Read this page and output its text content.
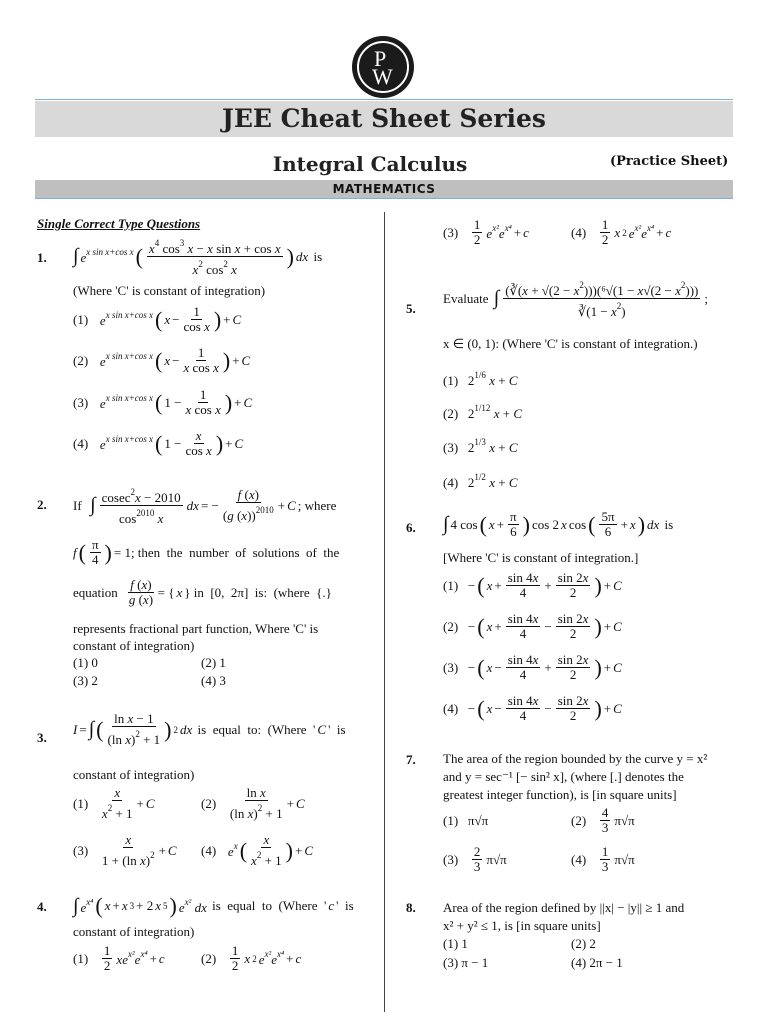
P
W
JEE Cheat Sheet Series
Integral Calculus	(Practice Sheet)
MATHEMATICS
Single Correct Type Questions
1. ∫ $e^{x sin x+cos x}$ ( $\frac{x^4 \cos^3 x - x \sin x + \cos x}{x^2 \cos^2 x}$ ) dx is
(Where 'C' is constant of integration)
(1) $e^{x sin x+cos x}$ ( $x - \frac{1}{\text{cos x}}$ ) + C
(2) $e^{x sin x+cos x}$ ( $x - \frac{1}{\text{x cos x}}$ ) + C
(3) $e^{x sin x+cos x}$ ( $1 - \frac{1}{\text{x cos x}}$ ) + C
(4) $e^{x sin x+cos x}$ ( $1 - \frac{x}{\text{cos x}}$ ) + C
2. If ∫ $\frac{cosec^2x - 2010}{\cos^{2010} x}$ dx = − $\frac{f (x)}{(g (x))^{2010}} + C$ ; where
f ( $\frac{\pi}{4}$ ) = 1; then  the  number  of  solutions  of  the
equation $\frac{f (x)}{g (x)}$ = { x } in  [0,  2π]  is:  (where  {.}
represents fractional part function, Where 'C' is
constant of integration)
(1) 0	(2) 1
(3) 2	(4) 3
3.
I = ∫ ( $\frac{\text{ln x − 1}}{(\ln x)^2 + 1}$ ) 2 dx is  equal  to:  (Where  ' C '  is
constant of integration)
$(1) \frac{x}{x^2 + 1} + C$	$(2) \frac{\text{ln x}}{(\ln x)^2 + 1} + C$
$(3) \frac{x}{1 + (\ln x)^2} + C$ (4) $e^x$ ( $\frac{x}{x^2 + 1}$ ) + C
4. ∫ $e^{x^4}$ ( x + x 3 + 2 x 5 ) $e^{x^2}$ dx is  equal  to  (Where  ' c '  is
constant of integration)
$(1) \frac{1}{2} xe^{x^2}e^{x^4} + c$	$(2) \frac{1}{2}$ x 2 $e^{x^2}e^{x^4} + c$
$(3) \frac{1}{2} e^{x^2}e^{x^4} + c$	$(4) \frac{1}{2}$ x 2 $e^{x^2}e^{x^4} + c$
5.
Evaluate ∫ $\frac{(∛(x + √(2 - x^2)))(^6√(1 - x√(2 - x^2)))}{∛(1 - x^2)}$ ;
x ∈ (0, 1): (Where 'C' is constant of integration.)
(1)   $2^{1/6}$ x + C
(2)   $2^{1/12}$ x + C
(3)   $2^{1/3}$ x + C
(4)   $2^{1/2}$ x + C
6. ∫ 4 cos ( $x + \frac{\pi}{6}$ ) cos 2 x cos ( $\frac{5\pi}{6} + x$ ) dx is
[Where 'C' is constant of integration.]
(1)   − ( $x + \frac{\sin 4x}{4} + \frac{\sin 2x}{2}$ ) + C
(2)   − ( $x + \frac{\sin 4x}{4} - \frac{\sin 2x}{2}$ ) + C
(3)   − ( $x - \frac{\sin 4x}{4} + \frac{\sin 2x}{2}$ ) + C
(4)   − ( $x - \frac{\sin 4x}{4} - \frac{\sin 2x}{2}$ ) + C
7. The area of the region bounded by the curve y = x²
and y = sec⁻¹ [− sin² x], (where [.] denotes the
greatest integer function), is [in square units]
(1)   π√π	$(2) \frac{4}{3} \pi√\pi$
$(3) \frac{2}{3} \pi√\pi$	$(4) \frac{1}{3} \pi√\pi$
8. Area of the region defined by ||x| − |y|| ≥ 1 and
x² + y² ≤ 1, is [in square units]
(1) 1	(2) 2
(3) π − 1	(4) 2π − 1
